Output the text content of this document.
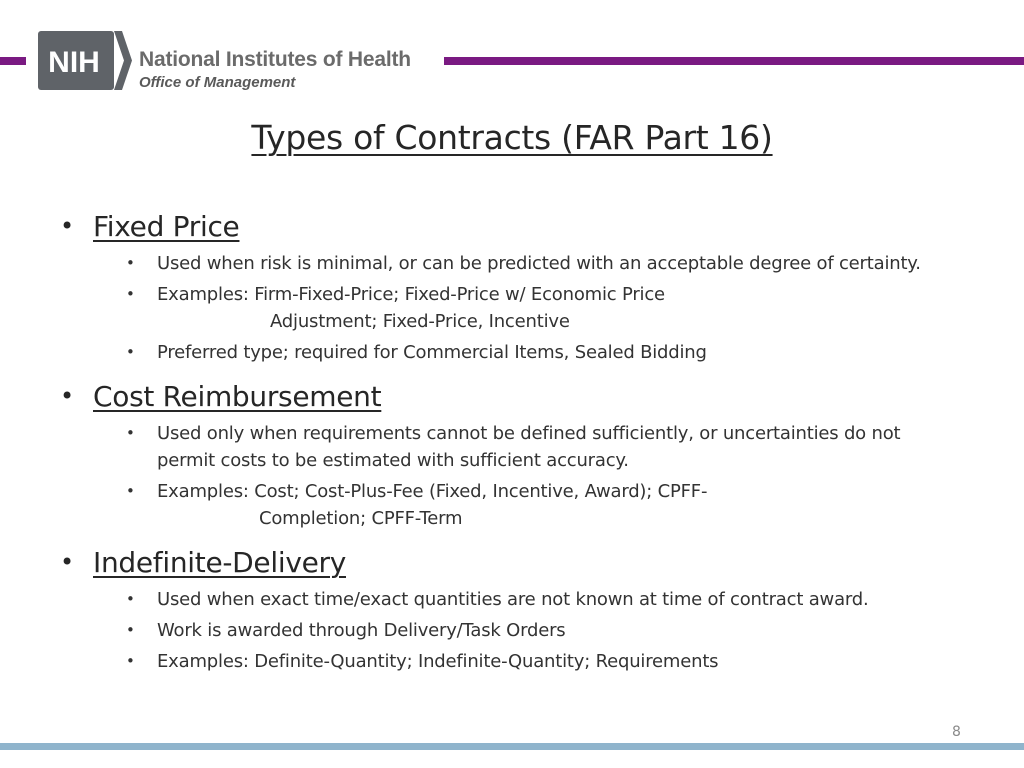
NIH National Institutes of Health
Office of Management
Types of Contracts (FAR Part 16)
• Fixed Price
• Used when risk is minimal, or can be predicted with an acceptable degree of certainty.
• Examples: Firm-Fixed-Price; Fixed-Price w/ Economic Price
Adjustment; Fixed-Price, Incentive
• Preferred type; required for Commercial Items, Sealed Bidding
• Cost Reimbursement
• Used only when requirements cannot be defined sufficiently, or uncertainties do not
permit costs to be estimated with sufficient accuracy.
• Examples: Cost; Cost-Plus-Fee (Fixed, Incentive, Award); CPFF-
Completion; CPFF-Term
• Indefinite-Delivery
• Used when exact time/exact quantities are not known at time of contract award.
• Work is awarded through Delivery/Task Orders
• Examples: Definite-Quantity; Indefinite-Quantity; Requirements
8
